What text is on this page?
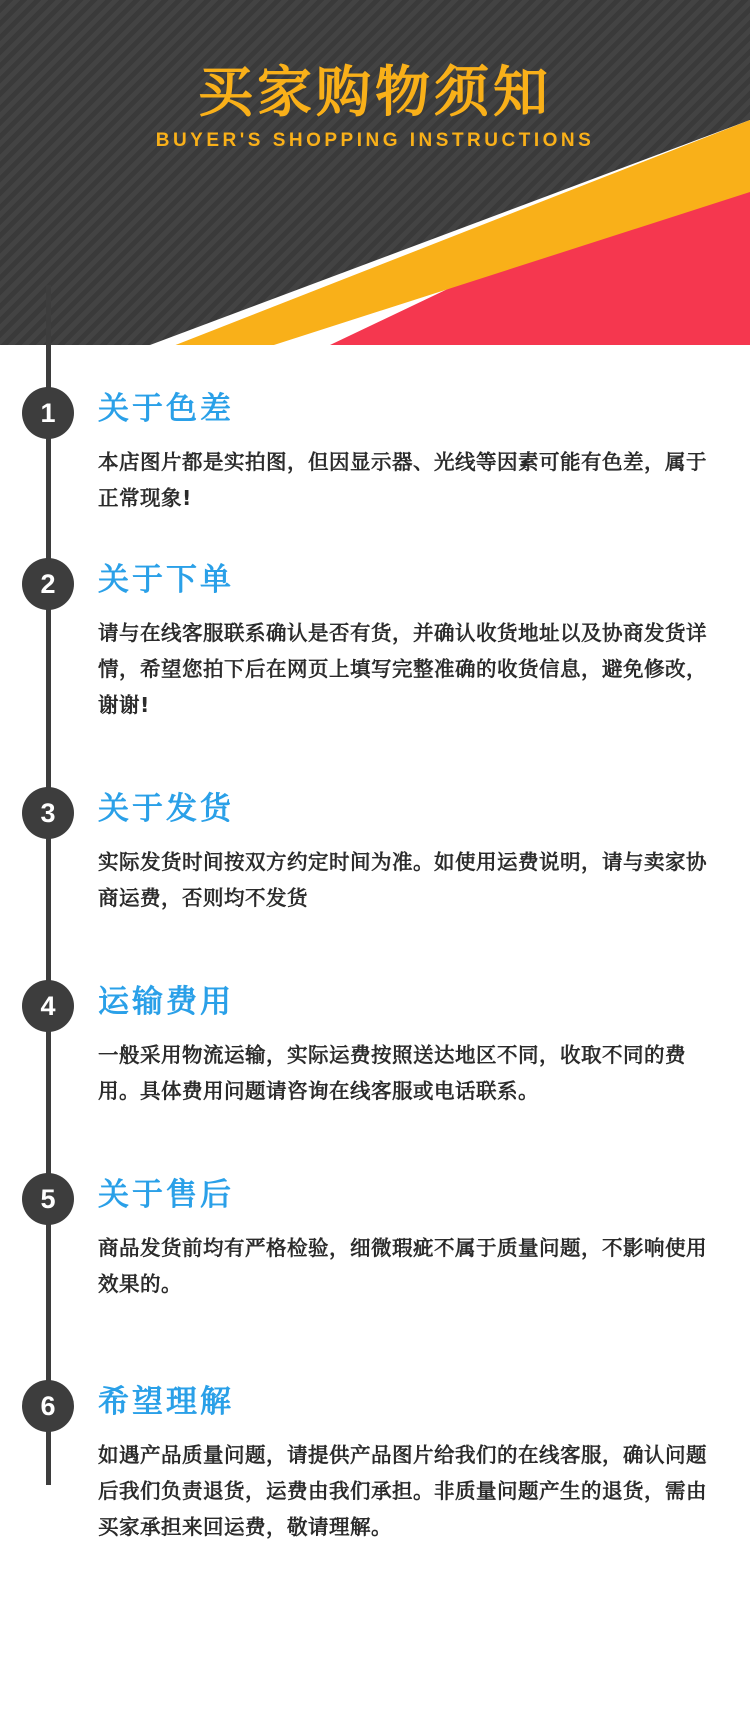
买家购物须知
BUYER'S SHOPPING INSTRUCTIONS
1	关于色差
本店图片都是实拍图，但因显示器、光线等因素可能有色差，属于正常现象!
2	关于下单
请与在线客服联系确认是否有货，并确认收货地址以及协商发货详情，希望您拍下后在网页上填写完整准确的收货信息，避免修改，谢谢!
3	关于发货
实际发货时间按双方约定时间为准。如使用运费说明，请与卖家协商运费，否则均不发货
4	运输费用
一般采用物流运输，实际运费按照送达地区不同，收取不同的费用。具体费用问题请咨询在线客服或电话联系。
5	关于售后
商品发货前均有严格检验，细微瑕疵不属于质量问题，不影响使用效果的。
6	希望理解
如遇产品质量问题，请提供产品图片给我们的在线客服，确认问题后我们负责退货，运费由我们承担。非质量问题产生的退货，需由买家承担来回运费，敬请理解。
